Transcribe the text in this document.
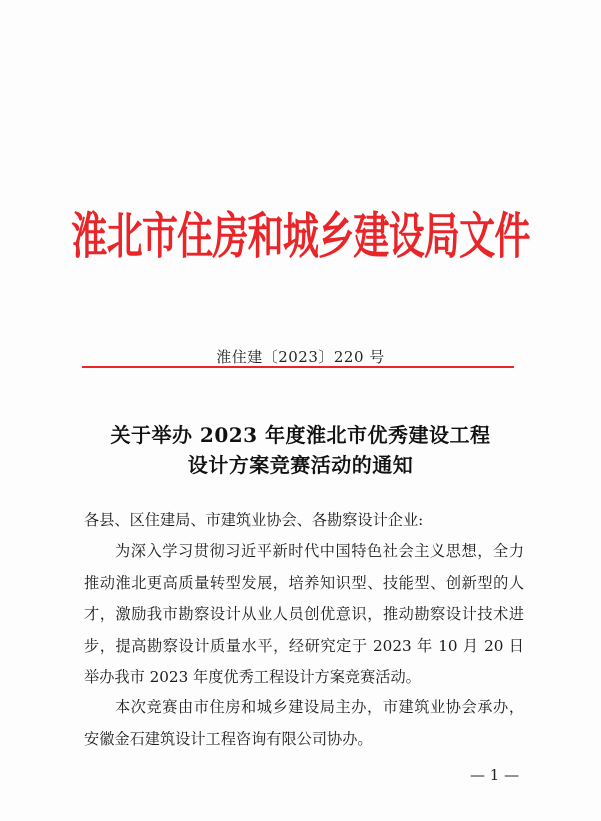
淮北市住房和城乡建设局文件
淮住建〔2023〕220 号
关于举办 2023 年度淮北市优秀建设工程
设计方案竞赛活动的通知
各县、区住建局、市建筑业协会、各勘察设计企业:
为深入学习贯彻习近平新时代中国特色社会主义思想，全力推动淮北更高质量转型发展，培养知识型、技能型、创新型的人才，激励我市勘察设计从业人员创优意识，推动勘察设计技术进步，提高勘察设计质量水平，经研究定于 2023 年 10 月 20 日 举办我市 2023 年度优秀工程设计方案竞赛活动。
本次竞赛由市住房和城乡建设局主办，市建筑业协会承办，安徽金石建筑设计工程咨询有限公司协办。
— 1 —
